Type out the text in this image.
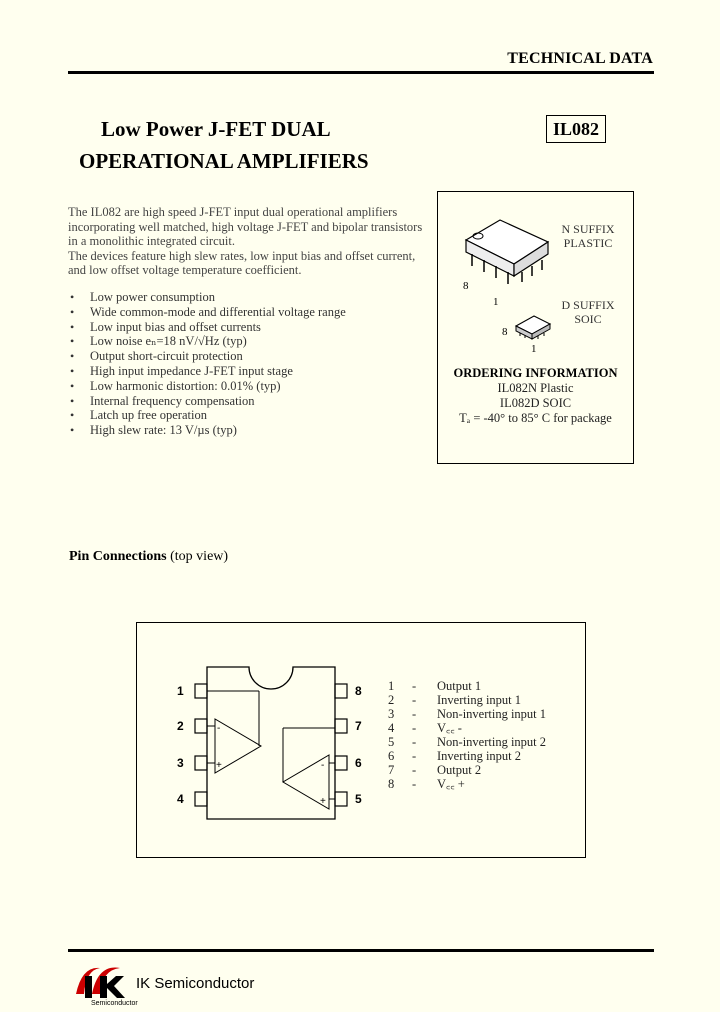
TECHNICAL DATA
Low Power J-FET DUAL
OPERATIONAL AMPLIFIERS
IL082
The IL082 are high speed J-FET input dual operational amplifiers
incorporating well matched, high voltage J-FET and bipolar transistors
in a monolithic integrated circuit.
The devices feature high slew rates, low input bias and offset current,
and low offset voltage temperature coefficient.
• Low power consumption
• Wide common-mode and differential voltage range
• Low input bias and offset currents
• Low noise eₙ=18 nV/√Hz (typ)
• Output short-circuit protection
• High input impedance J-FET input stage
• Low harmonic distortion: 0.01% (typ)
• Internal frequency compensation
• Latch up free operation
• High slew rate: 13 V/µs (typ)
8
1
8
1
N SUFFIX
PLASTIC
D SUFFIX
SOIC
ORDERING INFORMATION
IL082N Plastic
IL082D SOIC
Tₐ = -40° to 85° C for package
Pin Connections (top view)
1
2
3
4
8
7
6
5
-
+	-
+
1 - Output 1
2 - Inverting input 1
3 - Non-inverting input 1
4 - V꜀꜀ -
5 - Non-inverting input 2
6 - Inverting input 2
7 - Output 2
8 - V꜀꜀ +
Semiconductor
IK Semiconductor
